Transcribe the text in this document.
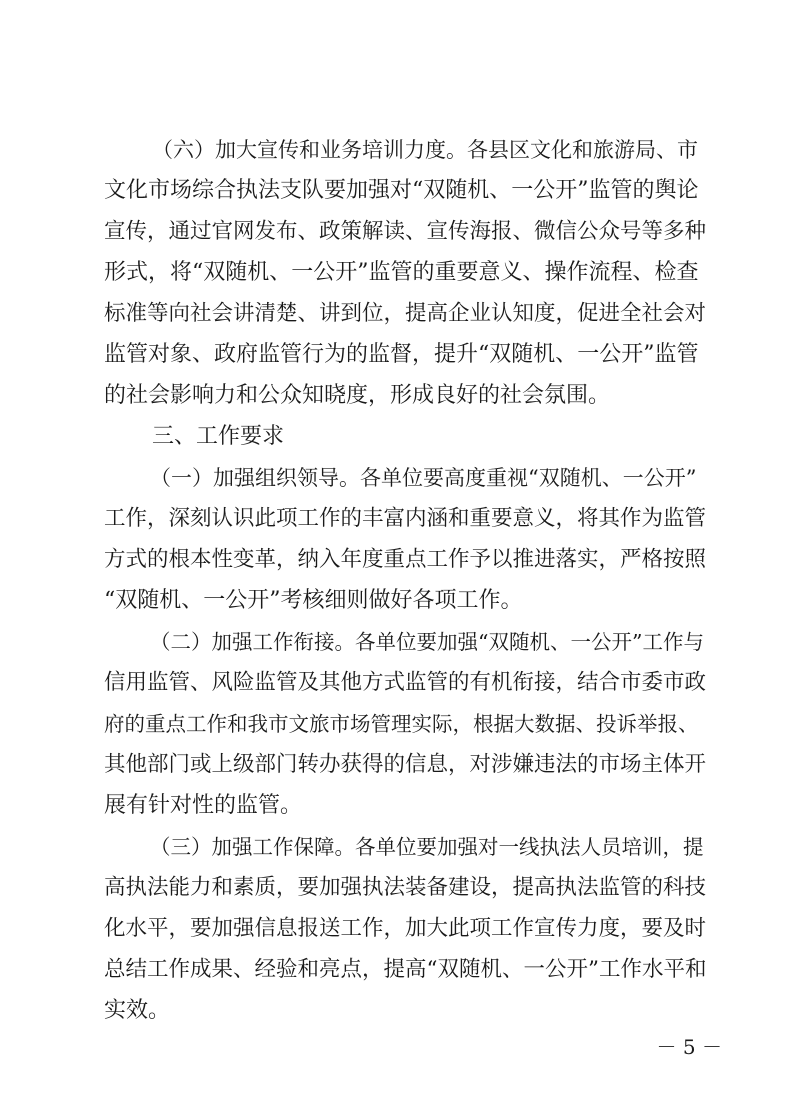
（六）加大宣传和业务培训力度。各县区文化和旅游局、市
文化市场综合执法支队要加强对“双随机、一公开”监管的舆论
宣传，通过官网发布、政策解读、宣传海报、微信公众号等多种
形式，将“双随机、一公开”监管的重要意义、操作流程、检查
标准等向社会讲清楚、讲到位，提高企业认知度，促进全社会对
监管对象、政府监管行为的监督，提升“双随机、一公开”监管
的社会影响力和公众知晓度，形成良好的社会氛围。
三、工作要求
（一）加强组织领导。各单位要高度重视“双随机、一公开”
工作，深刻认识此项工作的丰富内涵和重要意义，将其作为监管
方式的根本性变革，纳入年度重点工作予以推进落实，严格按照
“双随机、一公开”考核细则做好各项工作。
（二）加强工作衔接。各单位要加强“双随机、一公开”工作与
信用监管、风险监管及其他方式监管的有机衔接，结合市委市政
府的重点工作和我市文旅市场管理实际，根据大数据、投诉举报、
其他部门或上级部门转办获得的信息，对涉嫌违法的市场主体开
展有针对性的监管。
（三）加强工作保障。各单位要加强对一线执法人员培训，提
高执法能力和素质，要加强执法装备建设，提高执法监管的科技
化水平，要加强信息报送工作，加大此项工作宣传力度，要及时
总结工作成果、经验和亮点，提高“双随机、一公开”工作水平和
实效。
－ 5 －
